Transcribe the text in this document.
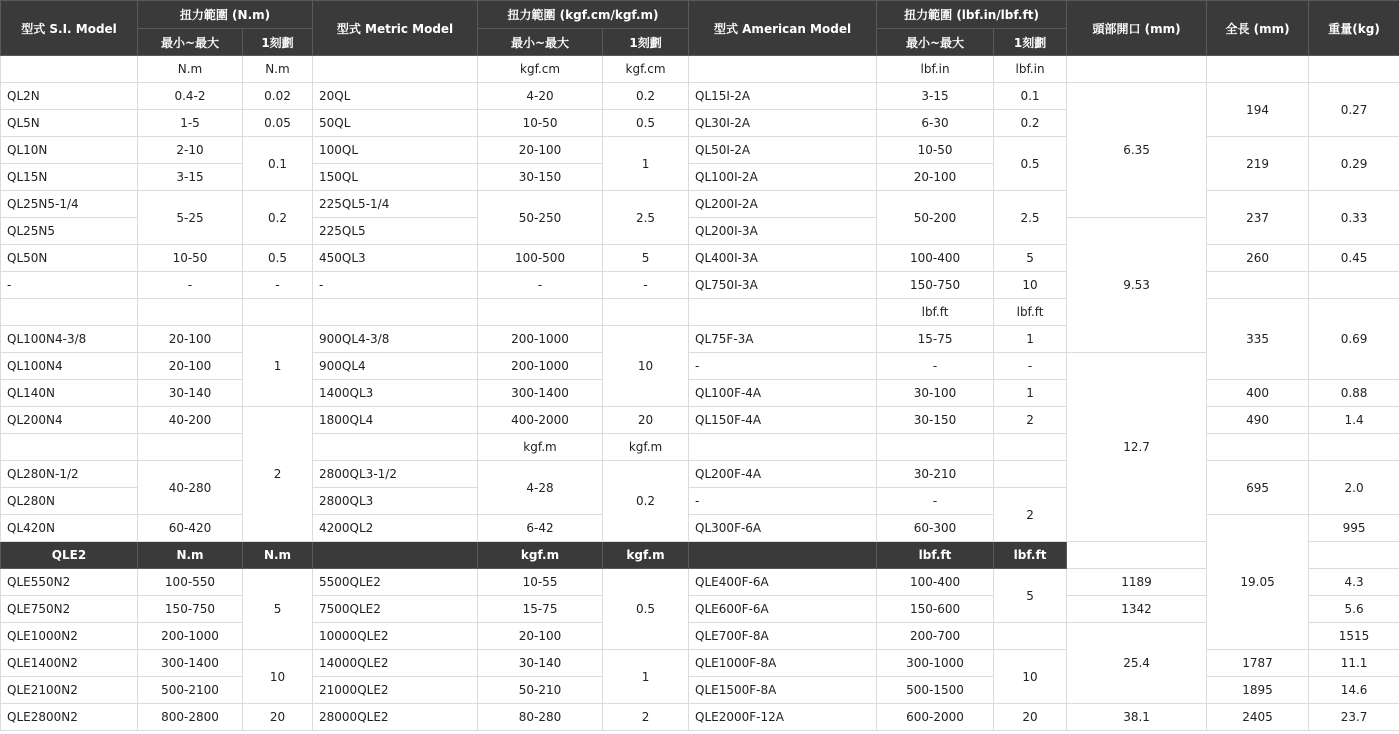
型式 S.I. Model	扭力範圍 (N.m)		型式 Metric Model	扭力範圍 (kgf.cm/kgf.m)		型式 American Model	扭力範圍 (lbf.in/lbf.ft)		頭部開口 (mm)	全長 (mm)	重量(kg)	
	最小~最大	1刻劃		最小~最大	1刻劃		最小~最大	1刻劃				
	N.m	N.m		kgf.cm	kgf.cm		lbf.in	lbf.in				
QL2N	0.4-2	0.02	20QL	4-20	0.2	QL15I-2A	3-15	0.1	6.35	194	0.27	
QL5N	1-5	0.05	50QL	10-50	0.5	QL30I-2A	6-30	0.2				
QL10N	2-10	0.1	100QL	20-100	1	QL50I-2A	10-50	0.5		219	0.29	
QL15N	3-15		150QL	30-150		QL100I-2A	20-100					
QL25N5-1/4	5-25	0.2	225QL5-1/4	50-250	2.5	QL200I-2A	50-200	2.5		237	0.33	
QL25N5			225QL5			QL200I-3A			9.53			
QL50N	10-50	0.5	450QL3	100-500	5	QL400I-3A	100-400	5		260	0.45	
-	-	-	-	-	-	QL750I-3A	150-750	10				
							lbf.ft	lbf.ft		335	0.69	
QL100N4-3/8	20-100	1	900QL4-3/8	200-1000	10	QL75F-3A	15-75	1				
QL100N4	20-100		900QL4	200-1000		-	-	-	12.7			
QL140N	30-140		1400QL3	300-1400		QL100F-4A	30-100	1		400	0.88	
QL200N4	40-200	2	1800QL4	400-2000	20	QL150F-4A	30-150	2		490	1.4	
				kgf.m	kgf.m							
QL280N-1/2	40-280		2800QL3-1/2	4-28	0.2	QL200F-4A	30-210			695	2.0	
QL280N			2800QL3			-	-	2				
QL420N	60-420		4200QL2	6-42		QL300F-6A	60-300			19.05	995	
QLE2	N.m	N.m		kgf.m	kgf.m		lbf.ft	lbf.ft				
QLE550N2	100-550	5	5500QLE2	10-55	0.5	QLE400F-6A	100-400	5	1189		4.3	
QLE750N2	150-750		7500QLE2	15-75		QLE600F-6A	150-600		1342		5.6	
QLE1000N2	200-1000		10000QLE2	20-100		QLE700F-8A	200-700		25.4		1515	
QLE1400N2	300-1400	10	14000QLE2	30-140	1	QLE1000F-8A	300-1000	10		1787	11.1	
QLE2100N2	500-2100		21000QLE2	50-210		QLE1500F-8A	500-1500			1895	14.6	
QLE2800N2	800-2800	20	28000QLE2	80-280	2	QLE2000F-12A	600-2000	20	38.1	2405	23.7	
